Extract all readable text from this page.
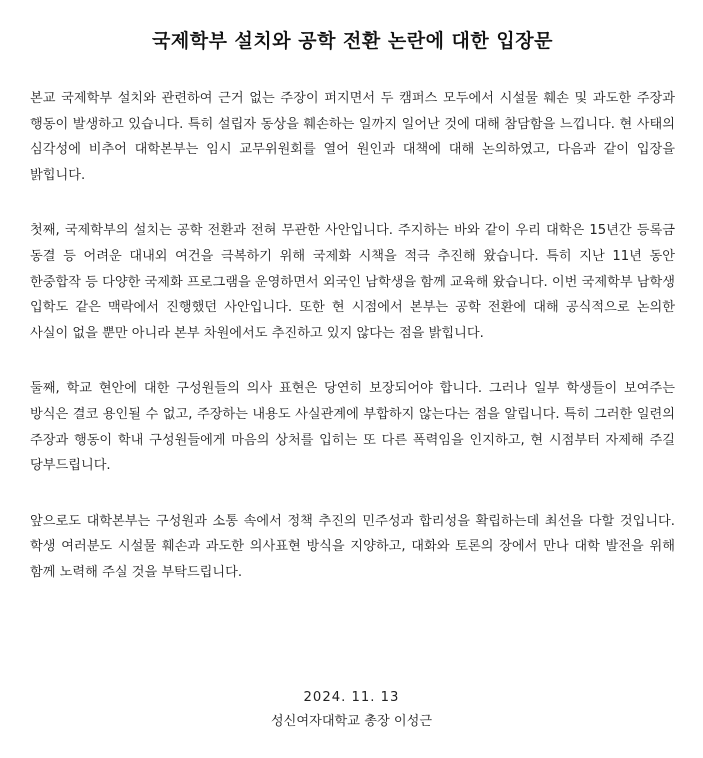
국제학부 설치와 공학 전환 논란에 대한 입장문

본교 국제학부 설치와 관련하여 근거 없는 주장이 퍼지면서 두 캠퍼스 모두에서 시설물 훼손 및 과도한 주장과 행동이 발생하고 있습니다. 특히 설립자 동상을 훼손하는 일까지 일어난 것에 대해 참담함을 느낍니다. 현 사태의 심각성에 비추어 대학본부는 임시 교무위원회를 열어 원인과 대책에 대해 논의하였고, 다음과 같이 입장을 밝힙니다.

첫째, 국제학부의 설치는 공학 전환과 전혀 무관한 사안입니다. 주지하는 바와 같이 우리 대학은 15년간 등록금 동결 등 어려운 대내외 여건을 극복하기 위해 국제화 시책을 적극 추진해 왔습니다. 특히 지난 11년 동안 한중합작 등 다양한 국제화 프로그램을 운영하면서 외국인 남학생을 함께 교육해 왔습니다. 이번 국제학부 남학생 입학도 같은 맥락에서 진행했던 사안입니다. 또한 현 시점에서 본부는 공학 전환에 대해 공식적으로 논의한 사실이 없을 뿐만 아니라 본부 차원에서도 추진하고 있지 않다는 점을 밝힙니다.

둘째, 학교 현안에 대한 구성원들의 의사 표현은 당연히 보장되어야 합니다. 그러나 일부 학생들이 보여주는 방식은 결코 용인될 수 없고, 주장하는 내용도 사실관계에 부합하지 않는다는 점을 알립니다. 특히 그러한 일련의 주장과 행동이 학내 구성원들에게 마음의 상처를 입히는 또 다른 폭력임을 인지하고, 현 시점부터 자제해 주길 당부드립니다.

앞으로도 대학본부는 구성원과 소통 속에서 정책 추진의 민주성과 합리성을 확립하는데 최선을 다할 것입니다. 학생 여러분도 시설물 훼손과 과도한 의사표현 방식을 지양하고, 대화와 토론의 장에서 만나 대학 발전을 위해 함께 노력해 주실 것을 부탁드립니다.

2024. 11. 13
성신여자대학교 총장 이성근
